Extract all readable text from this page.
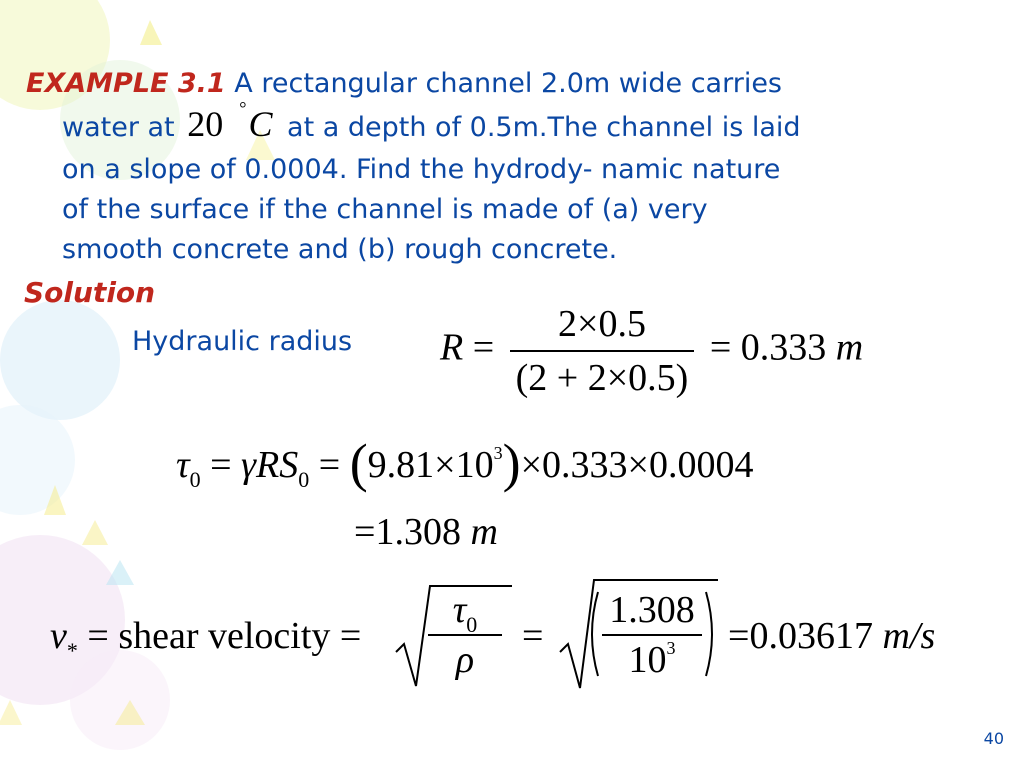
EXAMPLE 3.1 A rectangular channel 2.0m wide carries
water at 20 °C at a depth of 0.5m.The channel is laid
on a slope of 0.0004. Find the hydrody- namic nature
of the surface if the channel is made of (a) very
smooth concrete and (b) rough concrete.
Solution
Hydraulic radius $R = \frac{2\times 0.5}{(2 + 2\times 0.5)} = 0.333$ m
$\tau_0 = \gamma RS_0 = (9.81\times 10^3)\times 0.333\times 0.0004$
=1.308 m
$v_*$ = shear velocity =
$\tau_0$
ρ
= $\frac{1.308}{10^3} =0.03617$ m/s
40
